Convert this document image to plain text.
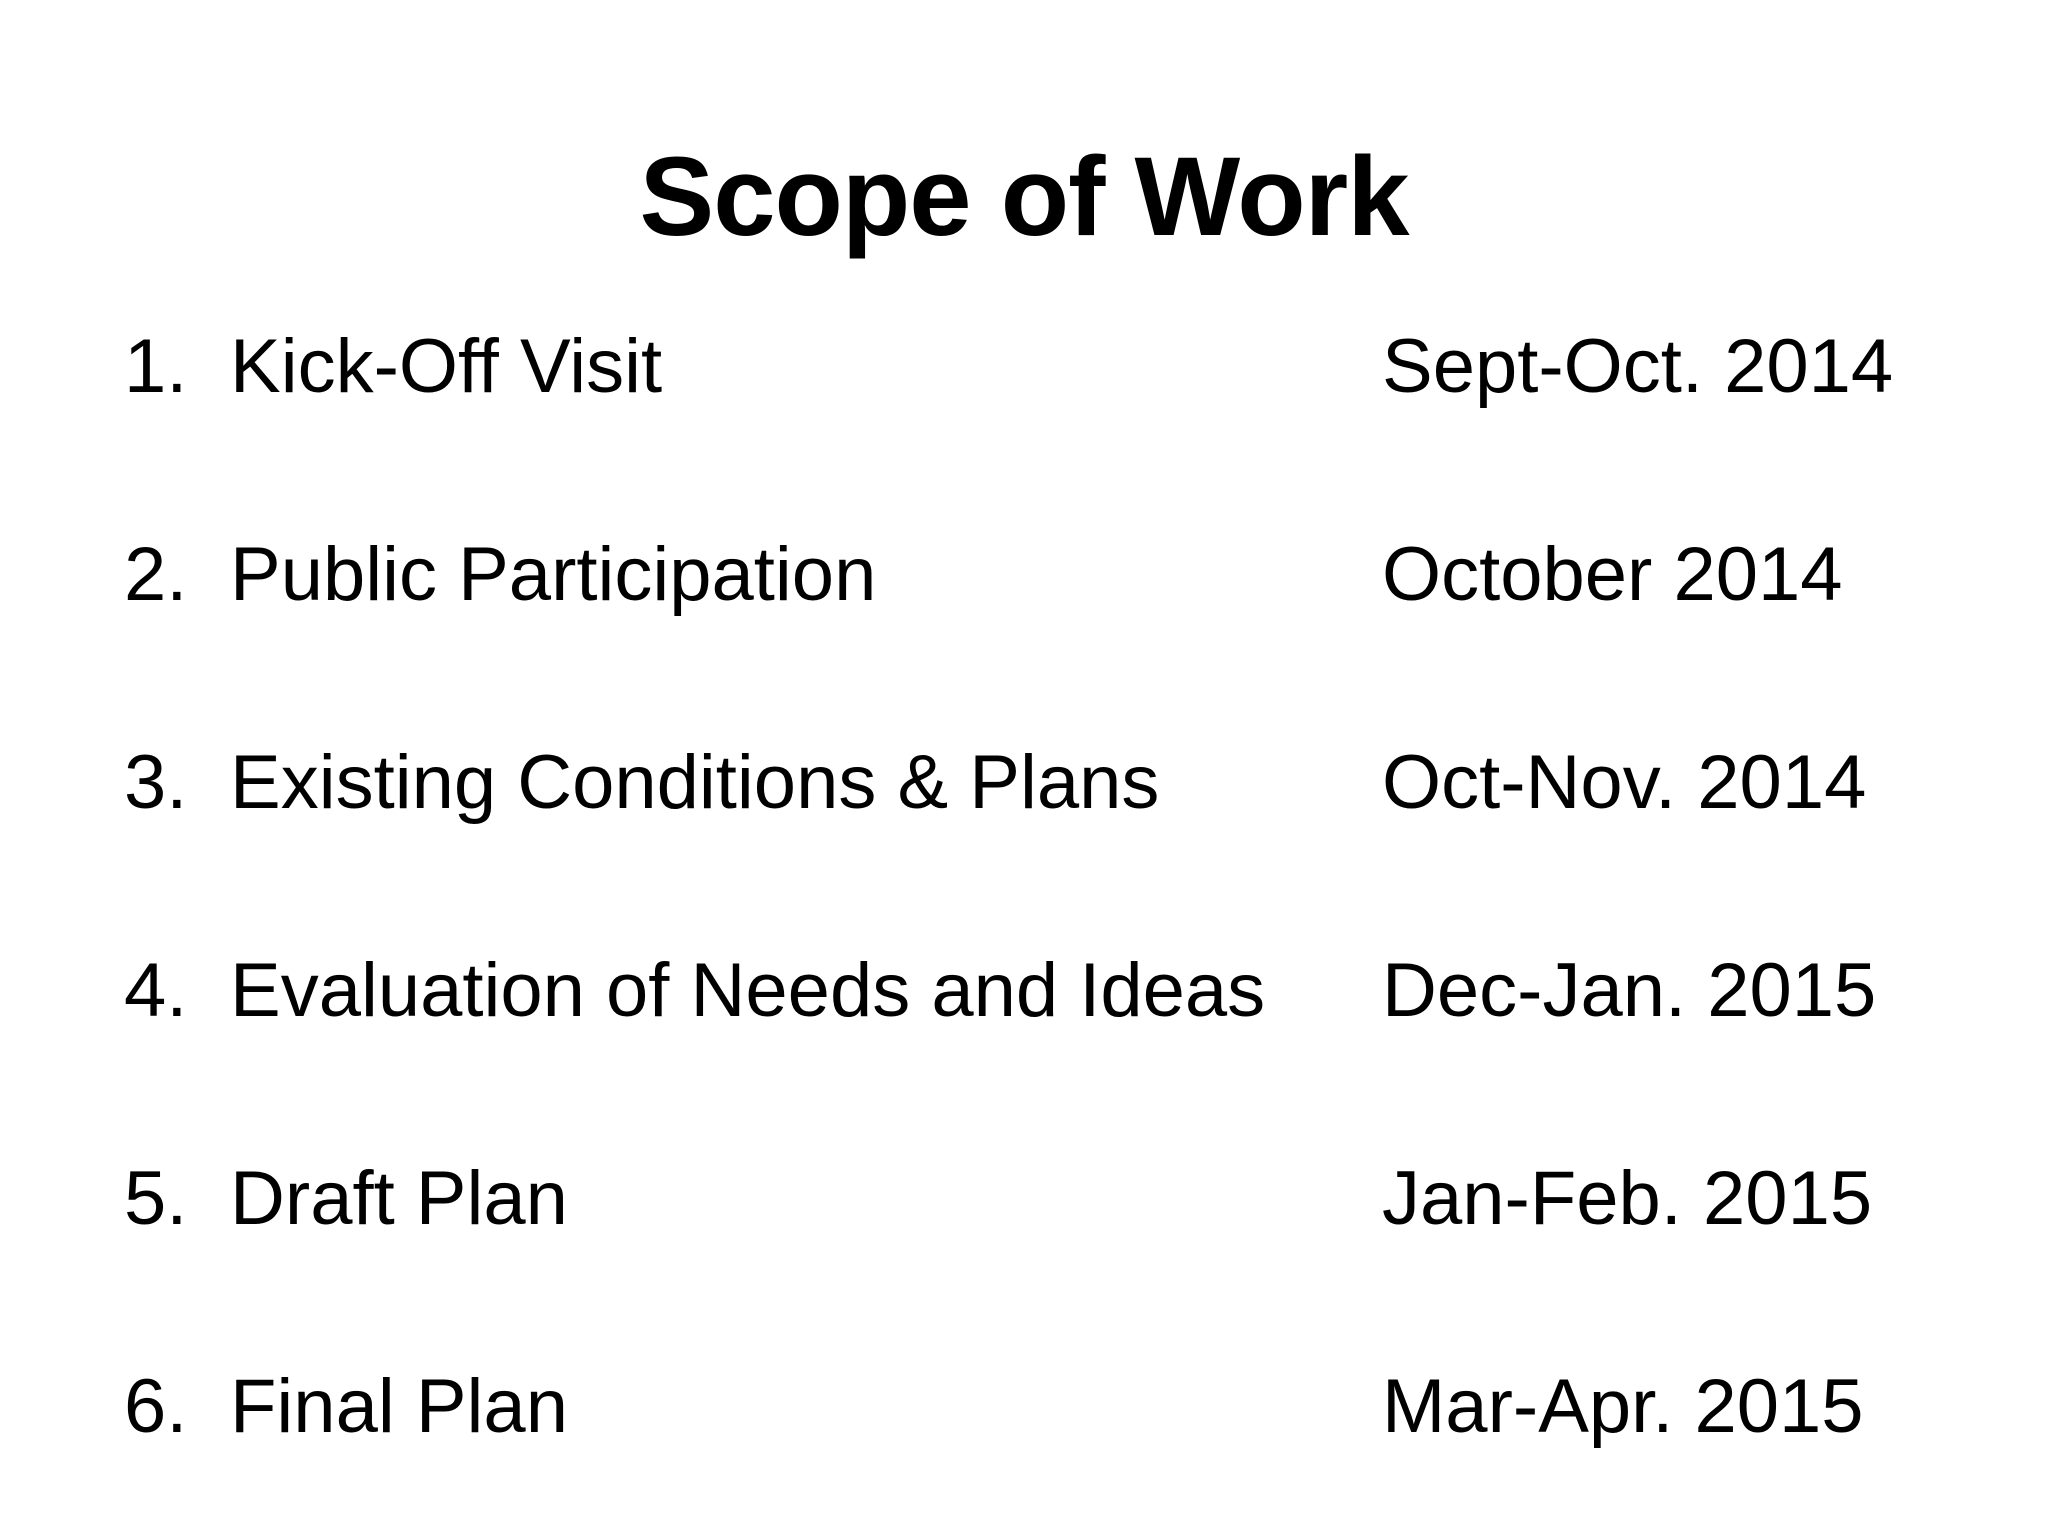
Scope of Work
1. Kick-Off Visit	Sept-Oct. 2014
2. Public Participation	October 2014
3. Existing Conditions & Plans	Oct-Nov. 2014
4. Evaluation of Needs and Ideas Dec-Jan. 2015
5. Draft Plan	Jan-Feb. 2015
6. Final Plan	Mar-Apr. 2015
